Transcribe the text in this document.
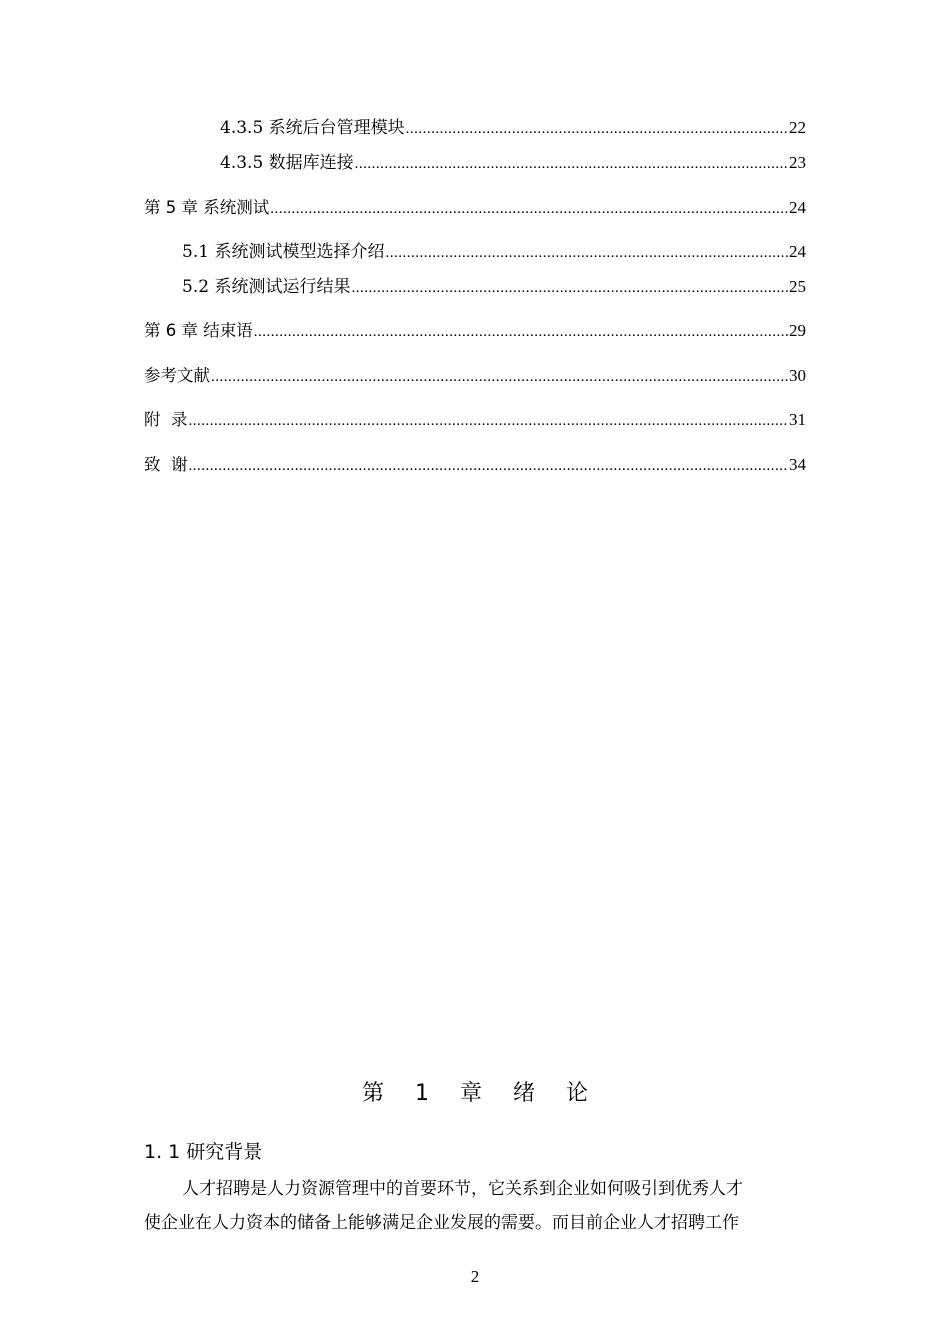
4.3.5 系统后台管理模块 .....	22
4.3.5 数据库连接 .....	23
第 5 章 系统测试 .....	24
5.1 系统测试模型选择介绍 .....	24
5.2 系统测试运行结果 .....	25
第 6 章 结束语 .....	29
参考文献 .....	30
附  录 .....	31
致  谢 .....	34
第 1 章 绪 论
1. 1 研究背景

人才招聘是人力资源管理中的首要环节，它关系到企业如何吸引到优秀人才

使企业在人力资本的储备上能够满足企业发展的需要。而目前企业人才招聘工作

2
